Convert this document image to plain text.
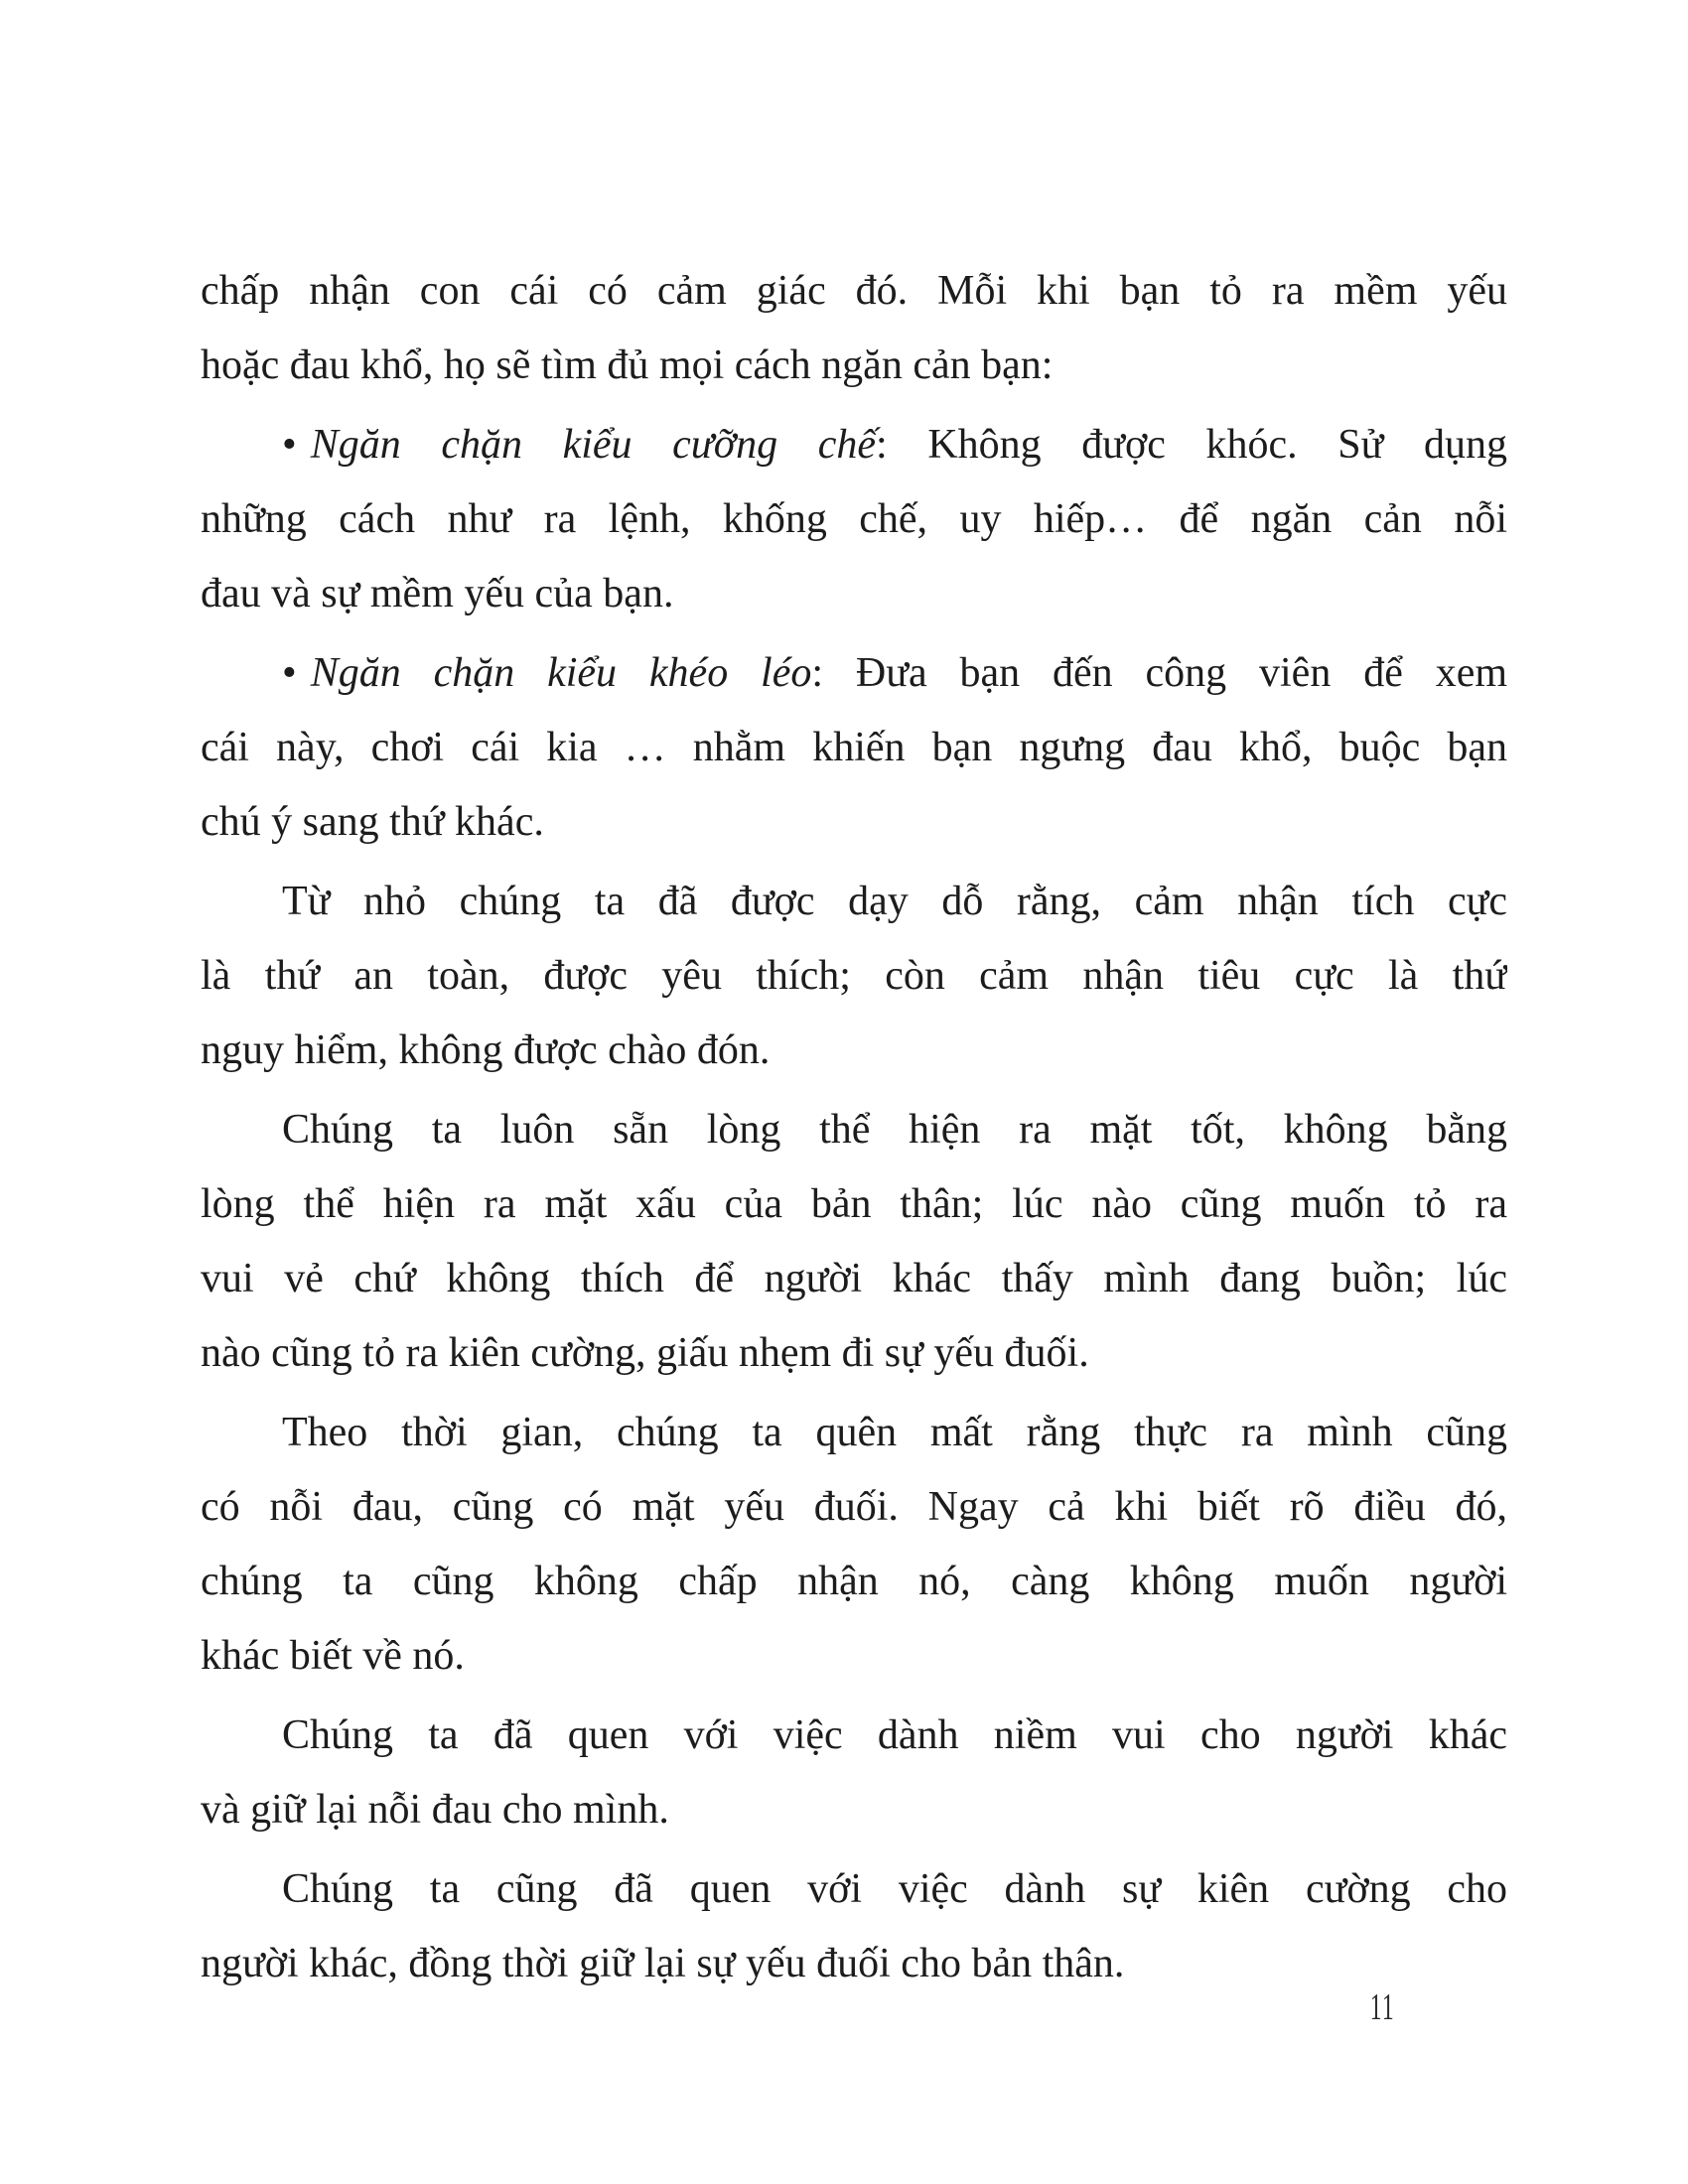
chấp nhận con cái có cảm giác đó. Mỗi khi bạn tỏ ra mềm yếu
hoặc đau khổ, họ sẽ tìm đủ mọi cách ngăn cản bạn:
• Ngăn chặn kiểu cưỡng chế: Không được khóc. Sử dụng
những cách như ra lệnh, khống chế, uy hiếp… để ngăn cản nỗi
đau và sự mềm yếu của bạn.
• Ngăn chặn kiểu khéo léo: Đưa bạn đến công viên để xem
cái này, chơi cái kia … nhằm khiến bạn ngưng đau khổ, buộc bạn
chú ý sang thứ khác.
Từ nhỏ chúng ta đã được dạy dỗ rằng, cảm nhận tích cực
là thứ an toàn, được yêu thích; còn cảm nhận tiêu cực là thứ
nguy hiểm, không được chào đón.
Chúng ta luôn sẵn lòng thể hiện ra mặt tốt, không bằng
lòng thể hiện ra mặt xấu của bản thân; lúc nào cũng muốn tỏ ra
vui vẻ chứ không thích để người khác thấy mình đang buồn; lúc
nào cũng tỏ ra kiên cường, giấu nhẹm đi sự yếu đuối.
Theo thời gian, chúng ta quên mất rằng thực ra mình cũng
có nỗi đau, cũng có mặt yếu đuối. Ngay cả khi biết rõ điều đó,
chúng ta cũng không chấp nhận nó, càng không muốn người
khác biết về nó.
Chúng ta đã quen với việc dành niềm vui cho người khác
và giữ lại nỗi đau cho mình.
Chúng ta cũng đã quen với việc dành sự kiên cường cho
người khác, đồng thời giữ lại sự yếu đuối cho bản thân.
11
